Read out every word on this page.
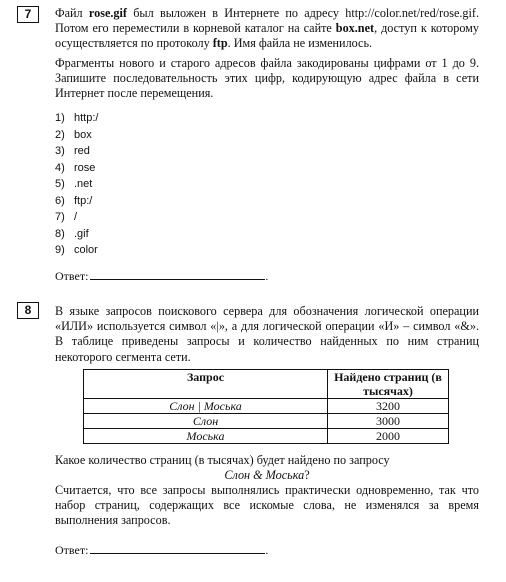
7	Файл rose.gif был выложен в Интернете по адресу http://color.net/red/rose.gif. Потом его переместили в корневой каталог на сайте box.net, доступ к которому осуществляется по протоколу ftp. Имя файла не изменилось.

Фрагменты нового и старого адресов файла закодированы цифрами от 1 до 9. Запишите последовательность этих цифр, кодирующую адрес файла в сети Интернет после перемещения.

1) http:/
2) box
3) red
4) rose
5) .net
6) ftp:/
7) /
8) .gif
9) color
Ответ:	.
8	В языке запросов поискового сервера для обозначения логической операции «ИЛИ» используется символ «|», а для логической операции «И» – символ «&». В таблице приведены запросы и количество найденных по ним страниц некоторого сегмента сети.

Запрос	Найдено страниц (в тысячах)
Слон | Моська	3200
Слон	3000
Моська	2000

Какое количество страниц (в тысячах) будет найдено по запросу

Слон & Моська?

Считается, что все запросы выполнялись практически одновременно, так что набор страниц, содержащих все искомые слова, не изменялся за время выполнения запросов.

Ответ:	.
